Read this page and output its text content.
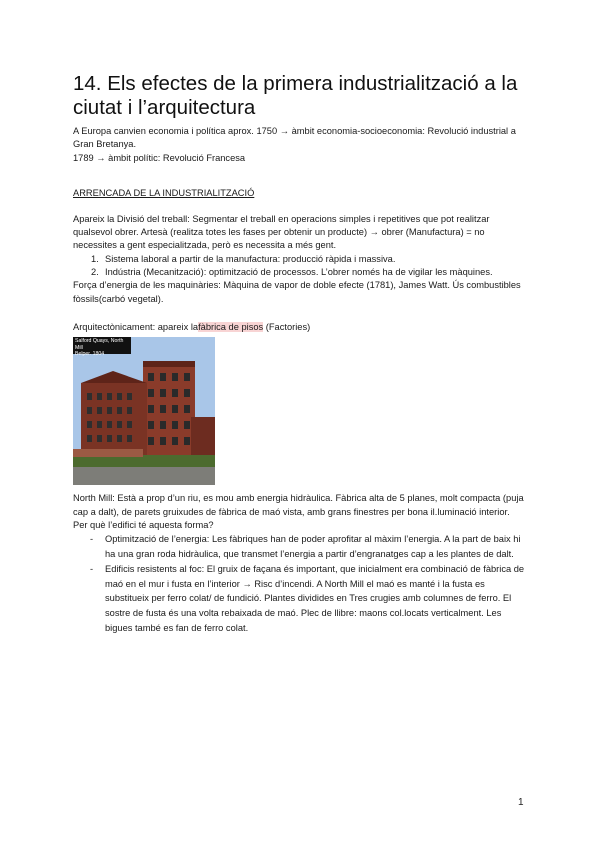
14. Els efectes de la primera industrialització a la ciutat i l’arquitectura

A Europa canvien economia i política aprox. 1750 → àmbit economia-socioeconomia: Revolució industrial a Gran Bretanya.

1789 → àmbit polític: Revolució Francesa

ARRENCADA DE LA INDUSTRIALITZACIÓ

Apareix la Divisió del treball: Segmentar el treball en operacions simples i repetitives que pot realitzar qualsevol obrer. Artesà (realitza totes les fases per obtenir un producte) → obrer (Manufactura) = no necessites a gent especialitzada, però es necessita a més gent.

1. Sistema laboral a partir de la manufactura: producció ràpida i massiva.
2. Indústria (Mecanització): optimització de processos. L’obrer només ha de vigilar les màquines.

Força d’energia de les maquinàries: Màquina de vapor de doble efecte (1781), James Watt. Ús combustibles fòssils(carbó vegetal).

Arquitectònicament: apareix lafàbrica de pisos (Factories)

Salford Quays, North Mill
Belper. 1804

North Mill: Està a prop d’un riu, es mou amb energia hidràulica. Fàbrica alta de 5 planes, molt compacta (puja cap a dalt), de parets gruixudes de fàbrica de maó vista, amb grans finestres per bona il.luminació interior.

Per què l’edifici té aquesta forma?

- Optimització de l’energia: Les fàbriques han de poder aprofitar al màxim l’energia. A la part de baix hi ha una gran roda hidràulica, que transmet l’energia a partir d’engranatges cap a les plantes de dalt.
- Edificis resistents al foc: El gruix de façana és important, que inicialment era combinació de fàbrica de maó en el mur i fusta en l’interior → Risc d’incendi. A North Mill el maó es manté i la fusta es substitueix per ferro colat/ de fundició. Plantes dividides en Tres crugies amb columnes de ferro. El sostre de fusta és una volta rebaixada de maó. Plec de llibre: maons col.locats verticalment. Les bigues també es fan de ferro colat.
1
